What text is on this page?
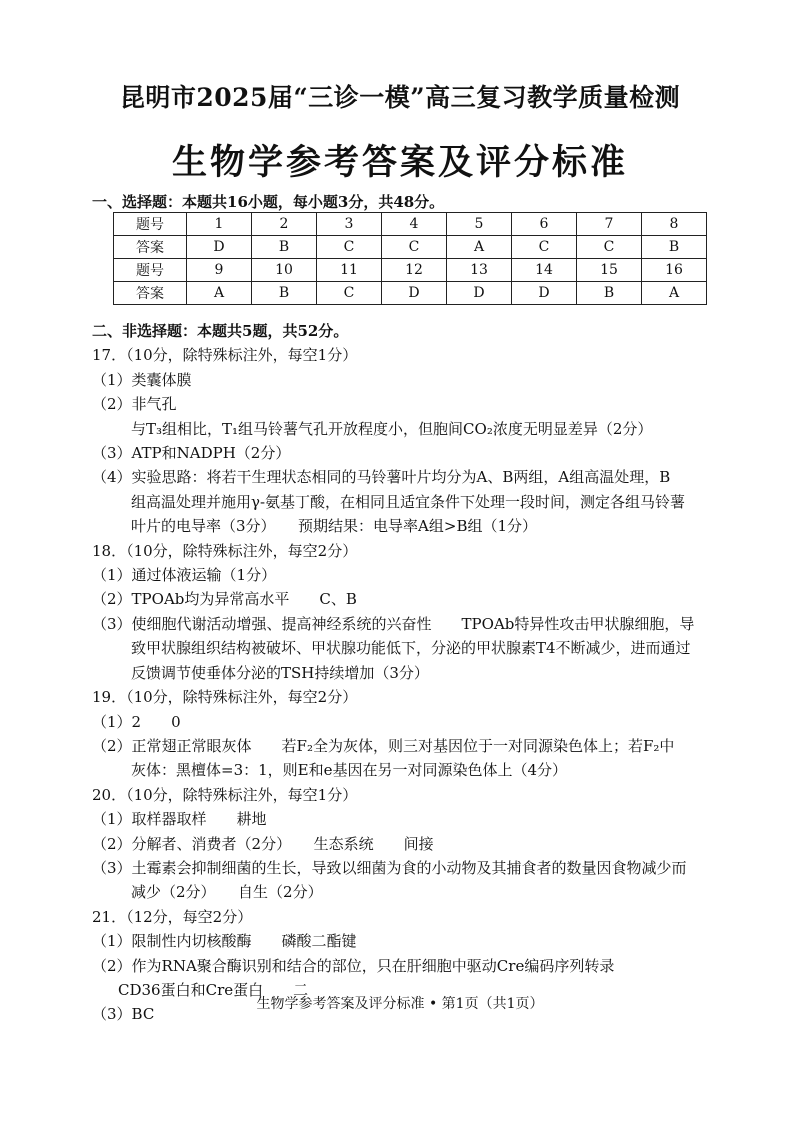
昆明市2025届“三诊一模”高三复习教学质量检测
生物学参考答案及评分标准
一、选择题：本题共16小题，每小题3分，共48分。
题号	1	2	3	4	5	6	7	8
答案	D	B	C	C	A	C	C	B
题号	9	10	11	12	13	14	15	16
答案	A	B	C	D	D	D	B	A
二、非选择题：本题共5题，共52分。
17．（10分，除特殊标注外，每空1分）
（1）类囊体膜
（2）非气孔
与T₃组相比，T₁组马铃薯气孔开放程度小，但胞间CO₂浓度无明显差异（2分）
（3）ATP和NADPH（2分）
（4）实验思路：将若干生理状态相同的马铃薯叶片均分为A、B两组，A组高温处理，B
组高温处理并施用γ-氨基丁酸，在相同且适宜条件下处理一段时间，测定各组马铃薯
叶片的电导率（3分）　　预期结果：电导率A组>B组（1分）
18．（10分，除特殊标注外，每空2分）
（1）通过体液运输（1分）
（2）TPOAb均为异常高水平　　C、B
（3）使细胞代谢活动增强、提高神经系统的兴奋性　　TPOAb特异性攻击甲状腺细胞，导
致甲状腺组织结构被破坏、甲状腺功能低下，分泌的甲状腺素T4不断减少，进而通过
反馈调节使垂体分泌的TSH持续增加（3分）
19．（10分，除特殊标注外，每空2分）
（1）2　　0
（2）正常翅正常眼灰体　　若F₂全为灰体，则三对基因位于一对同源染色体上；若F₂中
灰体：黑檀体=3：1，则E和e基因在另一对同源染色体上（4分）
20．（10分，除特殊标注外，每空1分）
（1）取样器取样　　耕地
（2）分解者、消费者（2分）　　生态系统　　间接
（3）土霉素会抑制细菌的生长，导致以细菌为食的小动物及其捕食者的数量因食物减少而
减少（2分）　　自生（2分）
21．（12分，每空2分）
（1）限制性内切核酸酶　　磷酸二酯键
（2）作为RNA聚合酶识别和结合的部位，只在肝细胞中驱动Cre编码序列转录
CD36蛋白和Cre蛋白　　二
（3）BC
生物学参考答案及评分标准 • 第1页（共1页）
